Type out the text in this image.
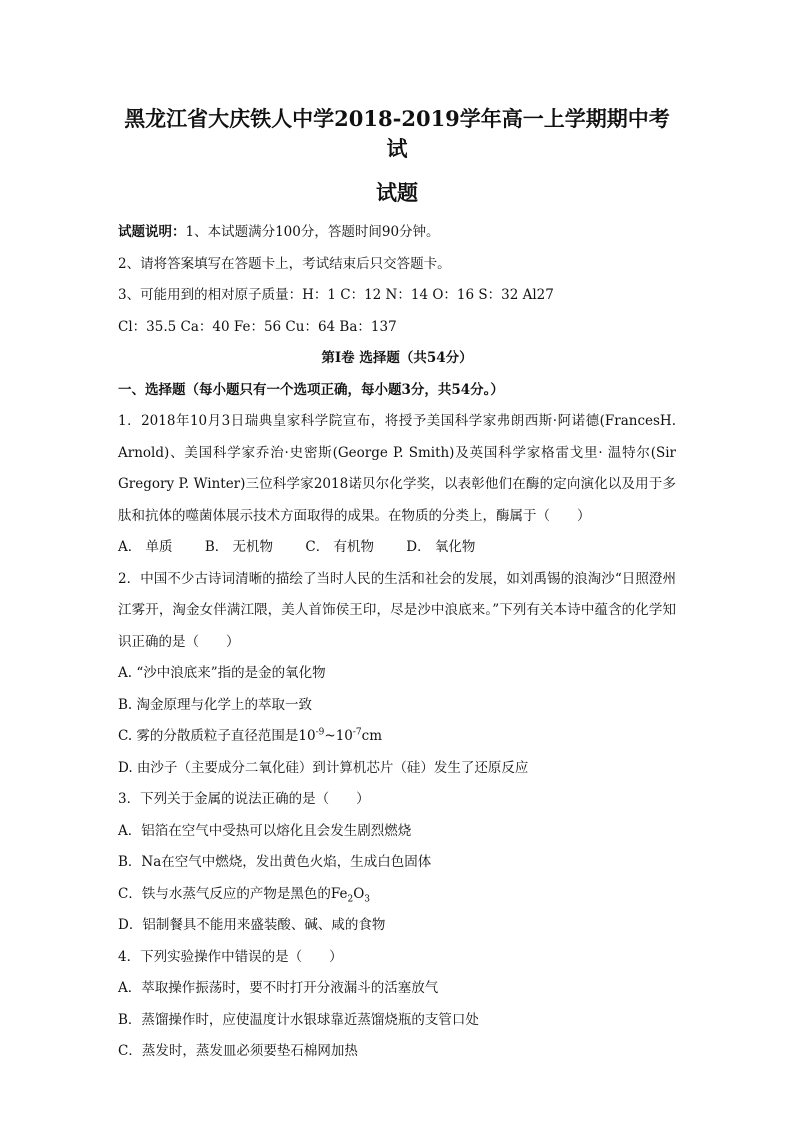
黑龙江省大庆铁人中学2018-2019学年高一上学期期中考试
试题
试题说明：1、本试题满分100分，答题时间90分钟。
2、请将答案填写在答题卡上，考试结束后只交答题卡。
3、可能用到的相对原子质量：H：1 C：12 N：14 O：16 S：32 Al27
Cl：35.5 Ca：40 Fe：56 Cu：64 Ba：137
第Ⅰ卷 选择题（共54分）
一、选择题（每小题只有一个选项正确，每小题3分，共54分。）
1．2018年10月3日瑞典皇家科学院宣布，将授予美国科学家弗朗西斯·阿诺德(FrancesH. Arnold)、美国科学家乔治·史密斯(George P. Smith)及英国科学家格雷戈里· 温特尔(Sir Gregory P. Winter)三位科学家2018诺贝尔化学奖，以表彰他们在酶的定向演化以及用于多肽和抗体的噬菌体展示技术方面取得的成果。在物质的分类上，酶属于（　　）
A． 单质 B． 无机物 C． 有机物 D． 氧化物
2．中国不少古诗词清晰的描绘了当时人民的生活和社会的发展，如刘禹锡的浪淘沙“日照澄州江雾开，淘金女伴满江隈，美人首饰侯王印，尽是沙中浪底来。”下列有关本诗中蕴含的化学知识正确的是（　　）
A. “沙中浪底来”指的是金的氧化物
B. 淘金原理与化学上的萃取一致
C. 雾的分散质粒子直径范围是$10^{-9}\sim 10^{-7}cm$
D. 由沙子（主要成分二氧化硅）到计算机芯片（硅）发生了还原反应
3．下列关于金属的说法正确的是（　　）
A．铝箔在空气中受热可以熔化且会发生剧烈燃烧
B．Na在空气中燃烧，发出黄色火焰，生成白色固体
C．铁与水蒸气反应的产物是黑色的$Fe_2O_3$
D．铝制餐具不能用来盛装酸、碱、咸的食物
4．下列实验操作中错误的是（　　）
A．萃取操作振荡时，要不时打开分液漏斗的活塞放气
B．蒸馏操作时，应使温度计水银球靠近蒸馏烧瓶的支管口处
C．蒸发时，蒸发皿必须要垫石棉网加热
